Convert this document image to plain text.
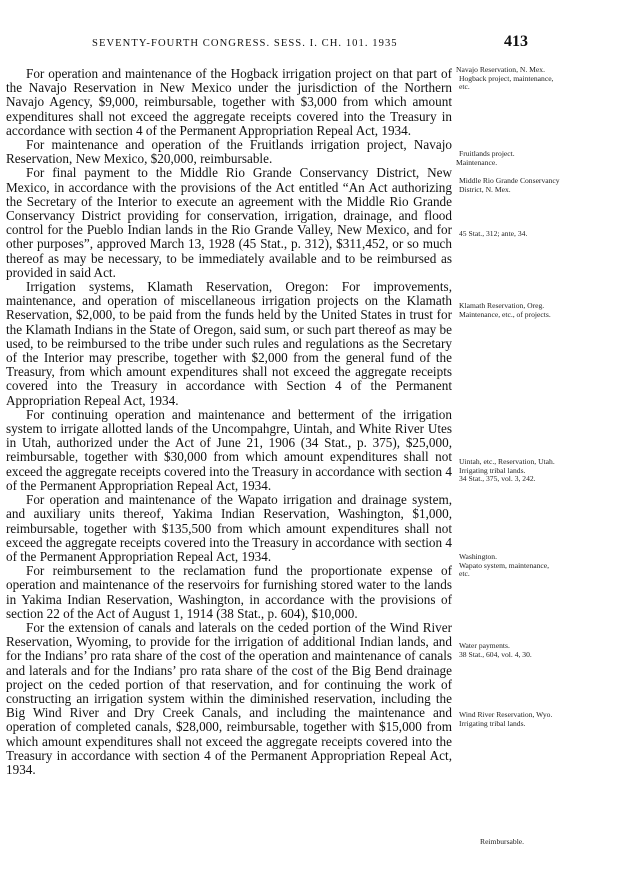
SEVENTY-FOURTH CONGRESS. SESS. I. CH. 101. 1935	413

For operation and maintenance of the Hogback irrigation project on that part of the Navajo Reservation in New Mexico under the jurisdiction of the Northern Navajo Agency, $9,000, reimbursable, together with $3,000 from which amount expenditures shall not exceed the aggregate receipts covered into the Treasury in accordance with section 4 of the Permanent Appropriation Repeal Act, 1934.

For maintenance and operation of the Fruitlands irrigation project, Navajo Reservation, New Mexico, $20,000, reimbursable.

For final payment to the Middle Rio Grande Conservancy District, New Mexico, in accordance with the provisions of the Act entitled “An Act authorizing the Secretary of the Interior to execute an agreement with the Middle Rio Grande Conservancy District providing for conservation, irrigation, drainage, and flood control for the Pueblo Indian lands in the Rio Grande Valley, New Mexico, and for other purposes”, approved March 13, 1928 (45 Stat., p. 312), $311,452, or so much thereof as may be necessary, to be immediately available and to be reimbursed as provided in said Act.

Irrigation systems, Klamath Reservation, Oregon: For improvements, maintenance, and operation of miscellaneous irrigation projects on the Klamath Reservation, $2,000, to be paid from the funds held by the United States in trust for the Klamath Indians in the State of Oregon, said sum, or such part thereof as may be used, to be reimbursed to the tribe under such rules and regulations as the Secretary of the Interior may prescribe, together with $2,000 from the general fund of the Treasury, from which amount expenditures shall not exceed the aggregate receipts covered into the Treasury in accordance with Section 4 of the Permanent Appropriation Repeal Act, 1934.

For continuing operation and maintenance and betterment of the irrigation system to irrigate allotted lands of the Uncompahgre, Uintah, and White River Utes in Utah, authorized under the Act of June 21, 1906 (34 Stat., p. 375), $25,000, reimbursable, together with $30,000 from which amount expenditures shall not exceed the aggregate receipts covered into the Treasury in accordance with section 4 of the Permanent Appropriation Repeal Act, 1934.

For operation and maintenance of the Wapato irrigation and drainage system, and auxiliary units thereof, Yakima Indian Reservation, Washington, $1,000, reimbursable, together with $135,500 from which amount expenditures shall not exceed the aggregate receipts covered into the Treasury in accordance with section 4 of the Permanent Appropriation Repeal Act, 1934.

For reimbursement to the reclamation fund the proportionate expense of operation and maintenance of the reservoirs for furnishing stored water to the lands in Yakima Indian Reservation, Washington, in accordance with the provisions of section 22 of the Act of August 1, 1914 (38 Stat., p. 604), $10,000.

For the extension of canals and laterals on the ceded portion of the Wind River Reservation, Wyoming, to provide for the irrigation of additional Indian lands, and for the Indians’ pro rata share of the cost of the operation and maintenance of canals and laterals and for the Indians’ pro rata share of the cost of the Big Bend drainage project on the ceded portion of that reservation, and for continuing the work of constructing an irrigation system within the diminished reservation, including the Big Wind River and Dry Creek Canals, and including the maintenance and operation of completed canals, $28,000, reimbursable, together with $15,000 from which amount expenditures shall not exceed the aggregate receipts covered into the Treasury in accordance with section 4 of the Permanent Appropriation Repeal Act, 1934.

Navajo Reservation, N. Mex.
Hogback project, maintenance, etc.
Fruitlands project.
Maintenance.
Middle Rio Grande Conservancy District, N. Mex.
45 Stat., 312; ante, 34.
Klamath Reservation, Oreg.
Maintenance, etc., of projects.
Uintah, etc., Reservation, Utah.
Irrigating tribal lands.
34 Stat., 375, vol. 3, 242.
Washington.
Wapato system, maintenance, etc.
Water payments.
38 Stat., 604, vol. 4, 30.
Wind River Reservation, Wyo.
Irrigating tribal lands.
Reimbursable.
